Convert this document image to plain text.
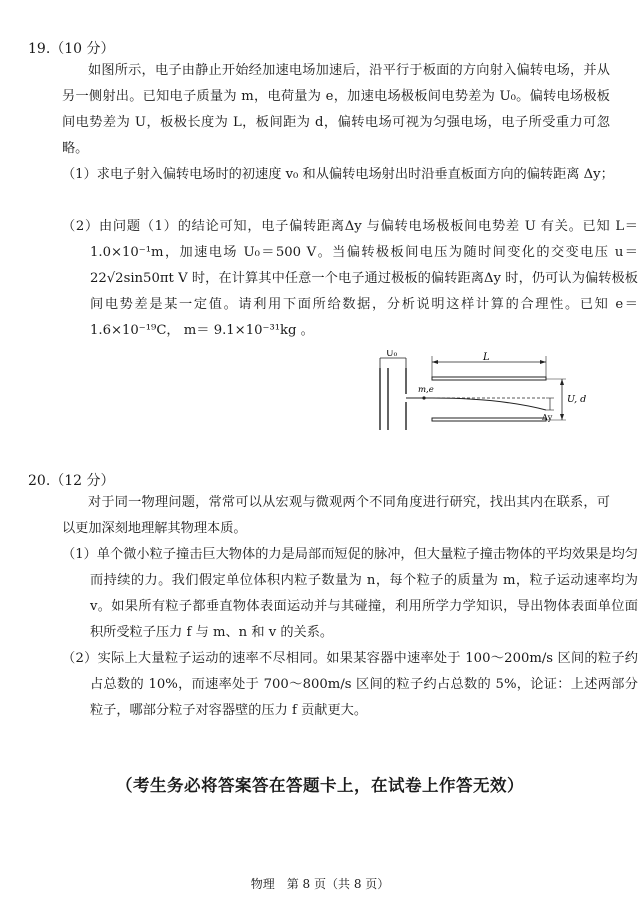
19.（10 分）
如图所示，电子由静止开始经加速电场加速后，沿平行于板面的方向射入偏转电场，并从另一侧射出。已知电子质量为 m，电荷量为 e，加速电场极板间电势差为 U₀。偏转电场极板间电势差为 U，板极长度为 L，板间距为 d，偏转电场可视为匀强电场，电子所受重力可忽略。
（1）求电子射入偏转电场时的初速度 v₀ 和从偏转电场射出时沿垂直板面方向的偏转距离 Δy；
（2）由问题（1）的结论可知，电子偏转距离Δy 与偏转电场极板间电势差 U 有关。已知 L＝1.0×10⁻¹m，加速电场 U₀＝500 V。当偏转极板间电压为随时间变化的交变电压 u＝22√2sin50πt V 时，在计算其中任意一个电子通过极板的偏转距离Δy 时，仍可认为偏转极板间电势差是某一定值。请利用下面所给数据，分析说明这样计算的合理性。已知 e＝ 1.6×10⁻¹⁹C， m＝ 9.1×10⁻³¹kg 。
U₀	L
m,e
U, d
Δy
20.（12 分）
对于同一物理问题，常常可以从宏观与微观两个不同角度进行研究，找出其内在联系，可以更加深刻地理解其物理本质。
（1）单个微小粒子撞击巨大物体的力是局部而短促的脉冲，但大量粒子撞击物体的平均效果是均匀而持续的力。我们假定单位体积内粒子数量为 n，每个粒子的质量为 m，粒子运动速率均为 v。如果所有粒子都垂直物体表面运动并与其碰撞，利用所学力学知识，导出物体表面单位面积所受粒子压力 f 与 m、n 和 v 的关系。
（2）实际上大量粒子运动的速率不尽相同。如果某容器中速率处于 100～200m/s 区间的粒子约占总数的 10%，而速率处于 700～800m/s 区间的粒子约占总数的 5%，论证：上述两部分粒子，哪部分粒子对容器壁的压力 f 贡献更大。
（考生务必将答案答在答题卡上，在试卷上作答无效）
物理　第 8 页（共 8 页）
